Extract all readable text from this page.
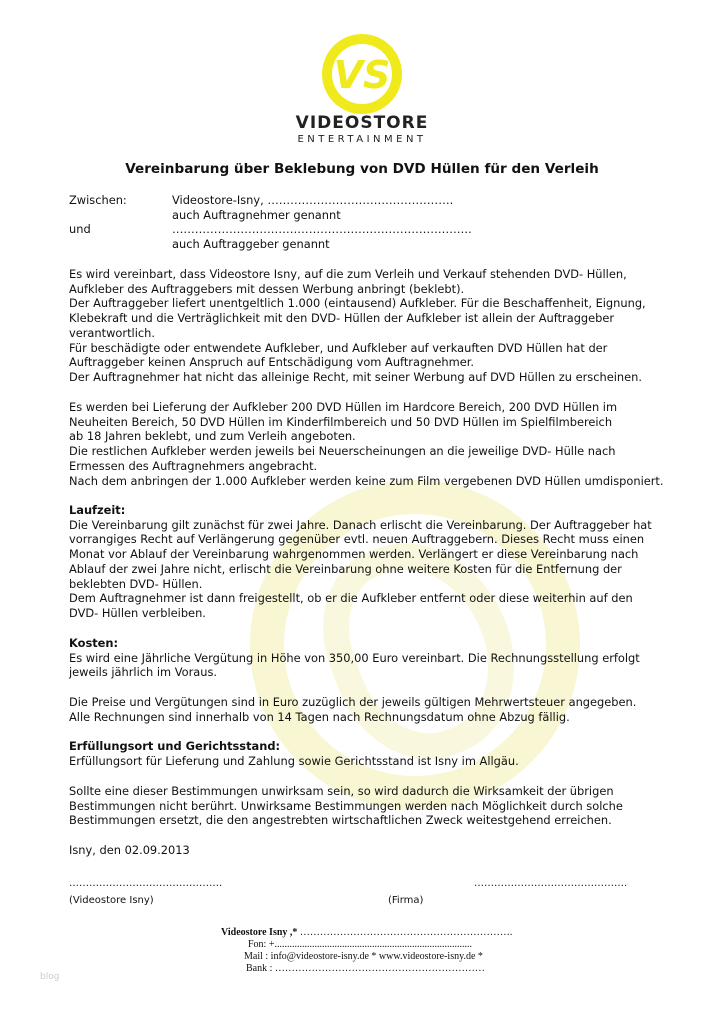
VS
VIDEOSTORE
ENTERTAINMENT
Vereinbarung über Beklebung von DVD Hüllen für den Verleih
Zwischen:	Videostore-Isny, ………………………………………….
auch Auftragnehmer genannt
und	…………………………………………………………………….
auch Auftraggeber genannt
Es wird vereinbart, dass Videostore Isny, auf die zum Verleih und Verkauf stehenden DVD- Hüllen,
Aufkleber des Auftraggebers mit dessen Werbung anbringt (beklebt).
Der Auftraggeber liefert unentgeltlich 1.000 (eintausend) Aufkleber. Für die Beschaffenheit, Eignung,
Klebekraft und die Verträglichkeit mit den DVD- Hüllen der Aufkleber ist allein der Auftraggeber
verantwortlich.
Für beschädigte oder entwendete Aufkleber, und Aufkleber auf verkauften DVD Hüllen hat der
Auftraggeber keinen Anspruch auf Entschädigung vom Auftragnehmer.
Der Auftragnehmer hat nicht das alleinige Recht, mit seiner Werbung auf DVD Hüllen zu erscheinen.
Es werden bei Lieferung der Aufkleber 200 DVD Hüllen im Hardcore Bereich, 200 DVD Hüllen im
Neuheiten Bereich, 50 DVD Hüllen im Kinderfilmbereich und 50 DVD Hüllen im Spielfilmbereich
ab 18 Jahren beklebt, und zum Verleih angeboten.
Die restlichen Aufkleber werden jeweils bei Neuerscheinungen an die jeweilige DVD- Hülle nach
Ermessen des Auftragnehmers angebracht.
Nach dem anbringen der 1.000 Aufkleber werden keine zum Film vergebenen DVD Hüllen umdisponiert.
Laufzeit:
Die Vereinbarung gilt zunächst für zwei Jahre. Danach erlischt die Vereinbarung. Der Auftraggeber hat
vorrangiges Recht auf Verlängerung gegenüber evtl. neuen Auftraggebern. Dieses Recht muss einen
Monat vor Ablauf der Vereinbarung wahrgenommen werden. Verlängert er diese Vereinbarung nach
Ablauf der zwei Jahre nicht, erlischt die Vereinbarung ohne weitere Kosten für die Entfernung der
beklebten DVD- Hüllen.
Dem Auftragnehmer ist dann freigestellt, ob er die Aufkleber entfernt oder diese weiterhin auf den
DVD- Hüllen verbleiben.
Kosten:
Es wird eine Jährliche Vergütung in Höhe von 350,00 Euro vereinbart. Die Rechnungsstellung erfolgt
jeweils jährlich im Voraus.
Die Preise und Vergütungen sind in Euro zuzüglich der jeweils gültigen Mehrwertsteuer angegeben.
Alle Rechnungen sind innerhalb von 14 Tagen nach Rechnungsdatum ohne Abzug fällig.
Erfüllungsort und Gerichtsstand:
Erfüllungsort für Lieferung und Zahlung sowie Gerichtsstand ist Isny im Allgäu.
Sollte eine dieser Bestimmungen unwirksam sein, so wird dadurch die Wirksamkeit der übrigen
Bestimmungen nicht berührt. Unwirksame Bestimmungen werden nach Möglichkeit durch solche
Bestimmungen ersetzt, die den angestrebten wirtschaftlichen Zweck weitestgehend erreichen.
Isny, den 02.09.2013
……………………………………….
(Videostore Isny)
……………………………………….
(Firma)
Videostore Isny ,* ……………………………………………………….
Fon: +...............................................................................
Mail : info@videostore-isny.de * www.videostore-isny.de *
Bank : ………………………………………………………
blog
